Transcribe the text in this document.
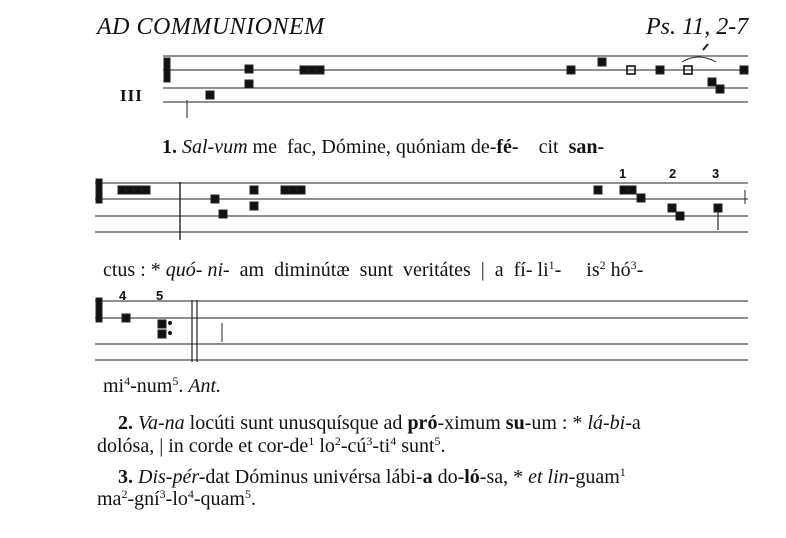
AD COMMUNIONEM	Ps. 11, 2-7
III
1. Sal-vum me  fac, Dómine, quóniam de-fé-    cit  san-
1	2	3
ctus : * quó- ni-  am  diminútæ  sunt  veritátes  |  a  fí- $li^1-$     $is^2$ $hó^3-$
4 5
$mi^4-num^5$. Ant.
2. Va-na locúti sunt unusquísque ad pró-ximum su-um : * lá-bi-a
dolósa, | in corde et cor-$de^1$ $lo^2-cú^3-ti^4$ sunt$^5$.
3. Dis-pér-dat Dóminus univérsa lábi-a do-ló-sa, * et lin-guam$^1$
$ma^2-gní^3-lo^4-quam^5$.
